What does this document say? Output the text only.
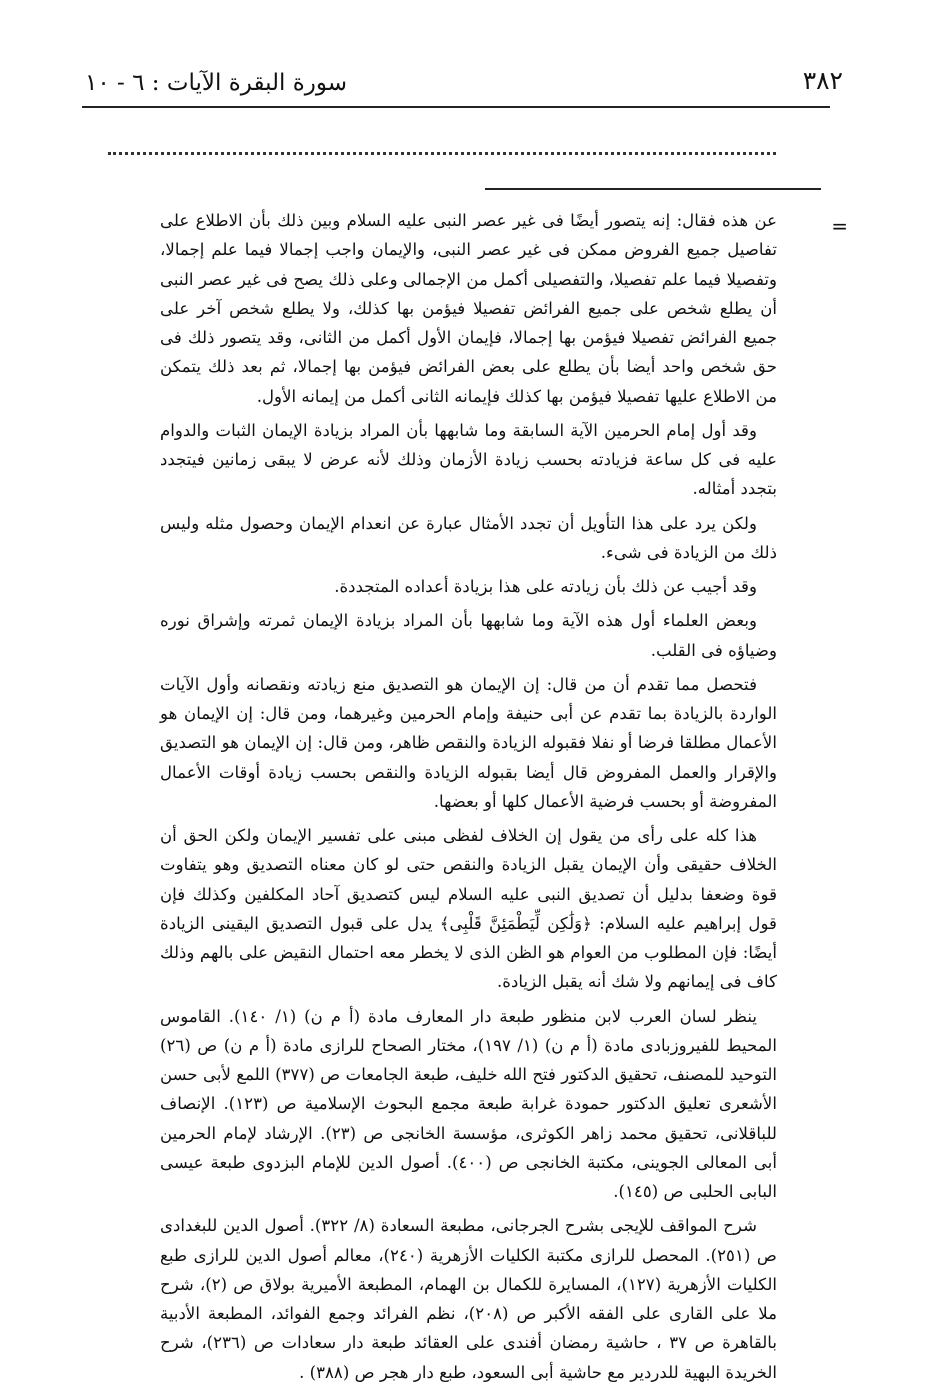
٣٨٢
سورة البقرة الآيات : ٦ - ١٠
=

عن هذه فقال: إنه يتصور أيضًا فى غير عصر النبى عليه السلام وبين ذلك بأن الاطلاع على تفاصيل جميع الفروض ممكن فى غير عصر النبى، والإيمان واجب إجمالا فيما علم إجمالا، وتفصيلا فيما علم تفصيلا، والتفصيلى أكمل من الإجمالى وعلى ذلك يصح فى غير عصر النبى أن يطلع شخص على جميع الفرائض تفصيلا فيؤمن بها كذلك، ولا يطلع شخص آخر على جميع الفرائض تفصيلا فيؤمن بها إجمالا، فإيمان الأول أكمل من الثانى، وقد يتصور ذلك فى حق شخص واحد أيضا بأن يطلع على بعض الفرائض فيؤمن بها إجمالا، ثم بعد ذلك يتمكن من الاطلاع عليها تفصيلا فيؤمن بها كذلك فإيمانه الثانى أكمل من إيمانه الأول.

وقد أول إمام الحرمين الآية السابقة وما شابهها بأن المراد بزيادة الإيمان الثبات والدوام عليه فى كل ساعة فزيادته بحسب زيادة الأزمان وذلك لأنه عرض لا يبقى زمانين فيتجدد بتجدد أمثاله.

ولكن يرد على هذا التأويل أن تجدد الأمثال عبارة عن انعدام الإيمان وحصول مثله وليس ذلك من الزيادة فى شىء.

وقد أجيب عن ذلك بأن زيادته على هذا بزيادة أعداده المتجددة.

وبعض العلماء أول هذه الآية وما شابهها بأن المراد بزيادة الإيمان ثمرته وإشراق نوره وضياؤه فى القلب.

فتحصل مما تقدم أن من قال: إن الإيمان هو التصديق منع زيادته ونقصانه وأول الآيات الواردة بالزيادة بما تقدم عن أبى حنيفة وإمام الحرمين وغيرهما، ومن قال: إن الإيمان هو الأعمال مطلقا فرضا أو نفلا فقبوله الزيادة والنقص ظاهر، ومن قال: إن الإيمان هو التصديق والإقرار والعمل المفروض قال أيضا بقبوله الزيادة والنقص بحسب زيادة أوقات الأعمال المفروضة أو بحسب فرضية الأعمال كلها أو بعضها.

هذا كله على رأى من يقول إن الخلاف لفظى مبنى على تفسير الإيمان ولكن الحق أن الخلاف حقيقى وأن الإيمان يقبل الزيادة والنقص حتى لو كان معناه التصديق وهو يتفاوت قوة وضعفا بدليل أن تصديق النبى عليه السلام ليس كتصديق آحاد المكلفين وكذلك فإن قول إبراهيم عليه السلام: ﴿وَلَٰكِن لِّيَطْمَئِنَّ قَلْبِى﴾ يدل على قبول التصديق اليقينى الزيادة أيضًا: فإن المطلوب من العوام هو الظن الذى لا يخطر معه احتمال النقيض على بالهم وذلك كاف فى إيمانهم ولا شك أنه يقبل الزيادة.

ينظر لسان العرب لابن منظور طبعة دار المعارف مادة (أ م ن) (١/ ١٤٠). القاموس المحيط للفيروزبادى مادة (أ م ن) (١/ ١٩٧)، مختار الصحاح للرازى مادة (أ م ن) ص (٢٦) التوحيد للمصنف، تحقيق الدكتور فتح الله خليف، طبعة الجامعات ص (٣٧٧) اللمع لأبى حسن الأشعرى تعليق الدكتور حمودة غرابة طبعة مجمع البحوث الإسلامية ص (١٢٣). الإنصاف للباقلانى، تحقيق محمد زاهر الكوثرى، مؤسسة الخانجى ص (٢٣). الإرشاد لإمام الحرمين أبى المعالى الجوينى، مكتبة الخانجى ص (٤٠٠). أصول الدين للإمام البزدوى طبعة عيسى البابى الحلبى ص (١٤٥).

شرح المواقف للإيجى بشرح الجرجانى، مطبعة السعادة (٨/ ٣٢٢). أصول الدين للبغدادى ص (٢٥١). المحصل للرازى مكتبة الكليات الأزهرية (٢٤٠)، معالم أصول الدين للرازى طبع الكليات الأزهرية (١٢٧)، المسايرة للكمال بن الهمام، المطبعة الأميرية بولاق ص (٢)، شرح ملا على القارى على الفقه الأكبر ص (٢٠٨)، نظم الفرائد وجمع الفوائد، المطبعة الأدبية بالقاهرة ص ٣٧ ، حاشية رمضان أفندى على العقائد طبعة دار سعادات ص (٢٣٦)، شرح الخريدة البهية للدردير مع حاشية أبى السعود، طبع دار هجر ص (٣٨٨) .
